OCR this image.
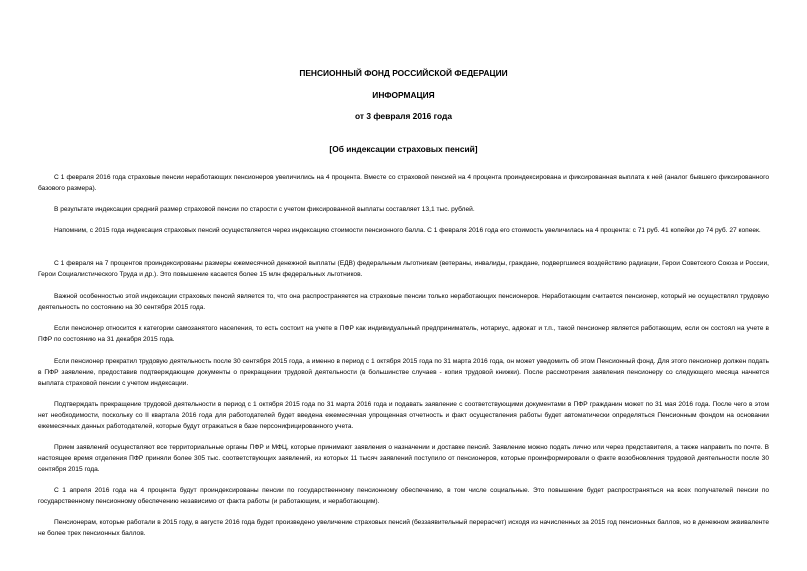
ПЕНСИОННЫЙ ФОНД РОССИЙСКОЙ ФЕДЕРАЦИИ
ИНФОРМАЦИЯ
от 3 февраля 2016 года
[Об индексации страховых пенсий]
С 1 февраля 2016 года страховые пенсии неработающих пенсионеров увеличились на 4 процента. Вместе со страховой пенсией на 4 процента проиндексирована и фиксированная выплата к ней (аналог бывшего фиксированного базового размера).
В результате индексации средний размер страховой пенсии по старости с учетом фиксированной выплаты составляет 13,1 тыс. рублей.
Напомним, с 2015 года индексация страховых пенсий осуществляется через индексацию стоимости пенсионного балла. С 1 февраля 2016 года его стоимость увеличилась на 4 процента: с 71 руб. 41 копейки до 74 руб. 27 копеек.
С 1 февраля на 7 процентов проиндексированы размеры ежемесячной денежной выплаты (ЕДВ) федеральным льготникам (ветераны, инвалиды, граждане, подвергшиеся воздействию радиации, Герои Советского Союза и России, Герои Социалистического Труда и др.). Это повышение касается более 15 млн федеральных льготников.
Важной особенностью этой индексации страховых пенсий является то, что она распространяется на страховые пенсии только неработающих пенсионеров. Неработающим считается пенсионер, который не осуществлял трудовую деятельность по состоянию на 30 сентября 2015 года.
Если пенсионер относится к категории самозанятого населения, то есть состоит на учете в ПФР как индивидуальный предприниматель, нотариус, адвокат и т.п., такой пенсионер является работающим, если он состоял на учете в ПФР по состоянию на 31 декабря 2015 года.
Если пенсионер прекратил трудовую деятельность после 30 сентября 2015 года, а именно в период с 1 октября 2015 года по 31 марта 2016 года, он может уведомить об этом Пенсионный фонд. Для этого пенсионер должен подать в ПФР заявление, предоставив подтверждающие документы о прекращении трудовой деятельности (в большинстве случаев - копия трудовой книжки). После рассмотрения заявления пенсионеру со следующего месяца начнется выплата страховой пенсии с учетом индексации.
Подтверждать прекращение трудовой деятельности в период с 1 октября 2015 года по 31 марта 2016 года и подавать заявление с соответствующими документами в ПФР гражданин может по 31 мая 2016 года. После чего в этом нет необходимости, поскольку со II квартала 2016 года для работодателей будет введена ежемесячная упрощенная отчетность и факт осуществления работы будет автоматически определяться Пенсионным фондом на основании ежемесячных данных работодателей, которые будут отражаться в базе персонифицированного учета.
Прием заявлений осуществляют все территориальные органы ПФР и МФЦ, которые принимают заявления о назначении и доставке пенсий. Заявление можно подать лично или через представителя, а также направить по почте. В настоящее время отделения ПФР приняли более 305 тыс. соответствующих заявлений, из которых 11 тысяч заявлений поступило от пенсионеров, которые проинформировали о факте возобновления трудовой деятельности после 30 сентября 2015 года.
С 1 апреля 2016 года на 4 процента будут проиндексированы пенсии по государственному пенсионному обеспечению, в том числе социальные. Это повышение будет распространяться на всех получателей пенсии по государственному пенсионному обеспечению независимо от факта работы (и работающим, и неработающим).
Пенсионерам, которые работали в 2015 году, в августе 2016 года будет произведено увеличение страховых пенсий (беззаявительный перерасчет) исходя из начисленных за 2015 год пенсионных баллов, но в денежном эквиваленте не более трех пенсионных баллов.
